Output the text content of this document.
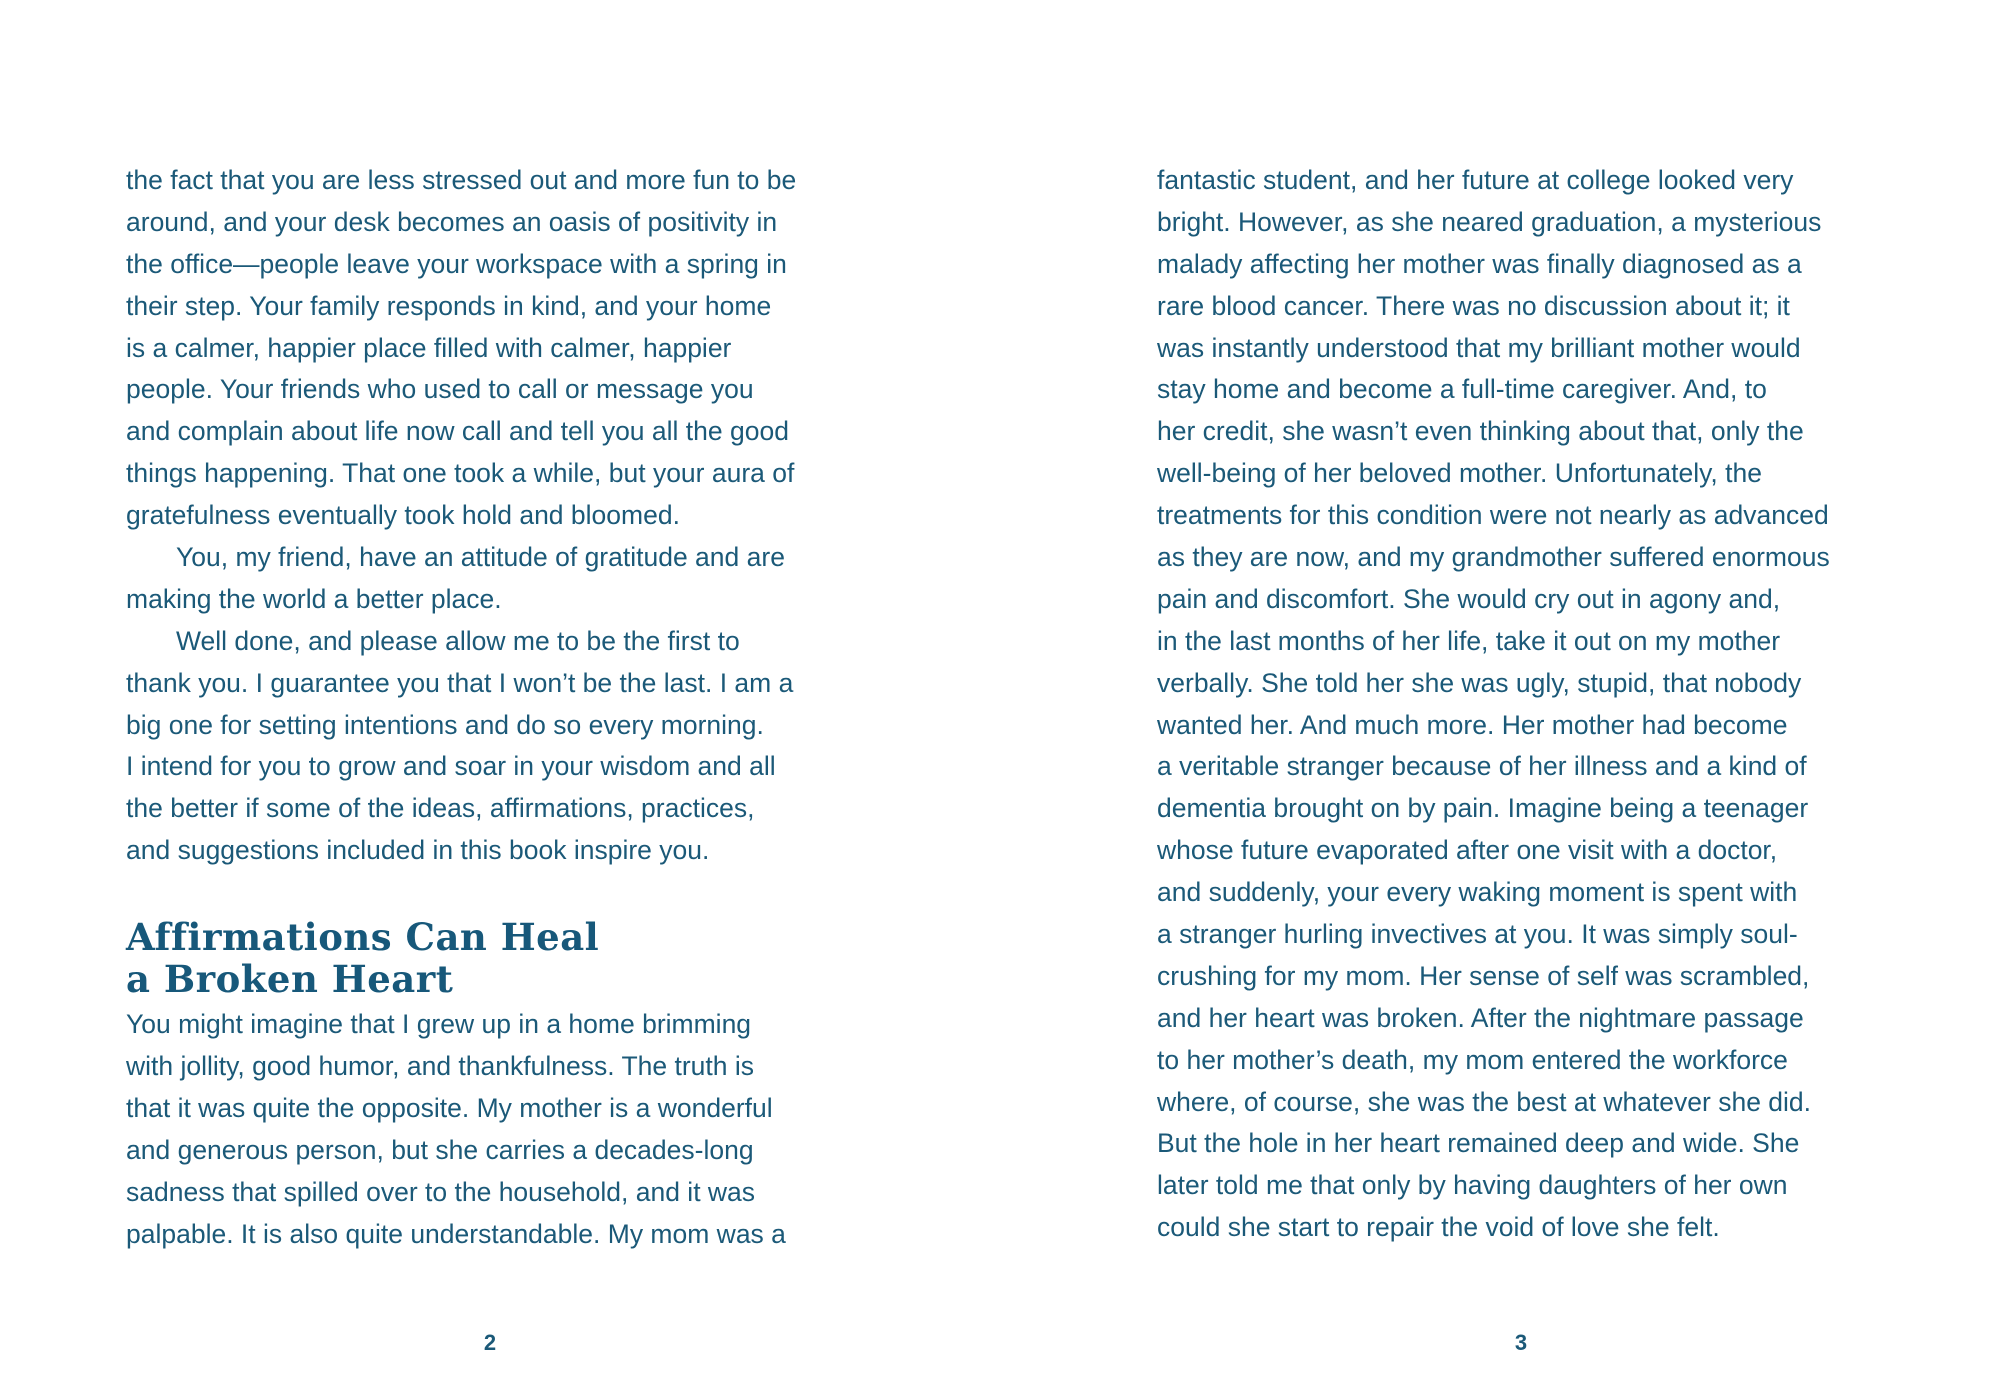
the fact that you are less stressed out and more fun to be
around, and your desk becomes an oasis of positivity in
the office—people leave your workspace with a spring in
their step. Your family responds in kind, and your home
is a calmer, happier place filled with calmer, happier
people. Your friends who used to call or message you
and complain about life now call and tell you all the good
things happening. That one took a while, but your aura of
gratefulness eventually took hold and bloomed.
You, my friend, have an attitude of gratitude and are
making the world a better place.
Well done, and please allow me to be the first to
thank you. I guarantee you that I won’t be the last. I am a
big one for setting intentions and do so every morning.
I intend for you to grow and soar in your wisdom and all
the better if some of the ideas, affirmations, practices,
and suggestions included in this book inspire you.
Affirmations Can Heal
a Broken Heart
You might imagine that I grew up in a home brimming
with jollity, good humor, and thankfulness. The truth is
that it was quite the opposite. My mother is a wonderful
and generous person, but she carries a decades-long
sadness that spilled over to the household, and it was
palpable. It is also quite understandable. My mom was a
2
fantastic student, and her future at college looked very
bright. However, as she neared graduation, a mysterious
malady affecting her mother was finally diagnosed as a
rare blood cancer. There was no discussion about it; it
was instantly understood that my brilliant mother would
stay home and become a full-time caregiver. And, to
her credit, she wasn’t even thinking about that, only the
well-being of her beloved mother. Unfortunately, the
treatments for this condition were not nearly as advanced
as they are now, and my grandmother suffered enormous
pain and discomfort. She would cry out in agony and,
in the last months of her life, take it out on my mother
verbally. She told her she was ugly, stupid, that nobody
wanted her. And much more. Her mother had become
a veritable stranger because of her illness and a kind of
dementia brought on by pain. Imagine being a teenager
whose future evaporated after one visit with a doctor,
and suddenly, your every waking moment is spent with
a stranger hurling invectives at you. It was simply soul-
crushing for my mom. Her sense of self was scrambled,
and her heart was broken. After the nightmare passage
to her mother’s death, my mom entered the workforce
where, of course, she was the best at whatever she did.
But the hole in her heart remained deep and wide. She
later told me that only by having daughters of her own
could she start to repair the void of love she felt.
3
